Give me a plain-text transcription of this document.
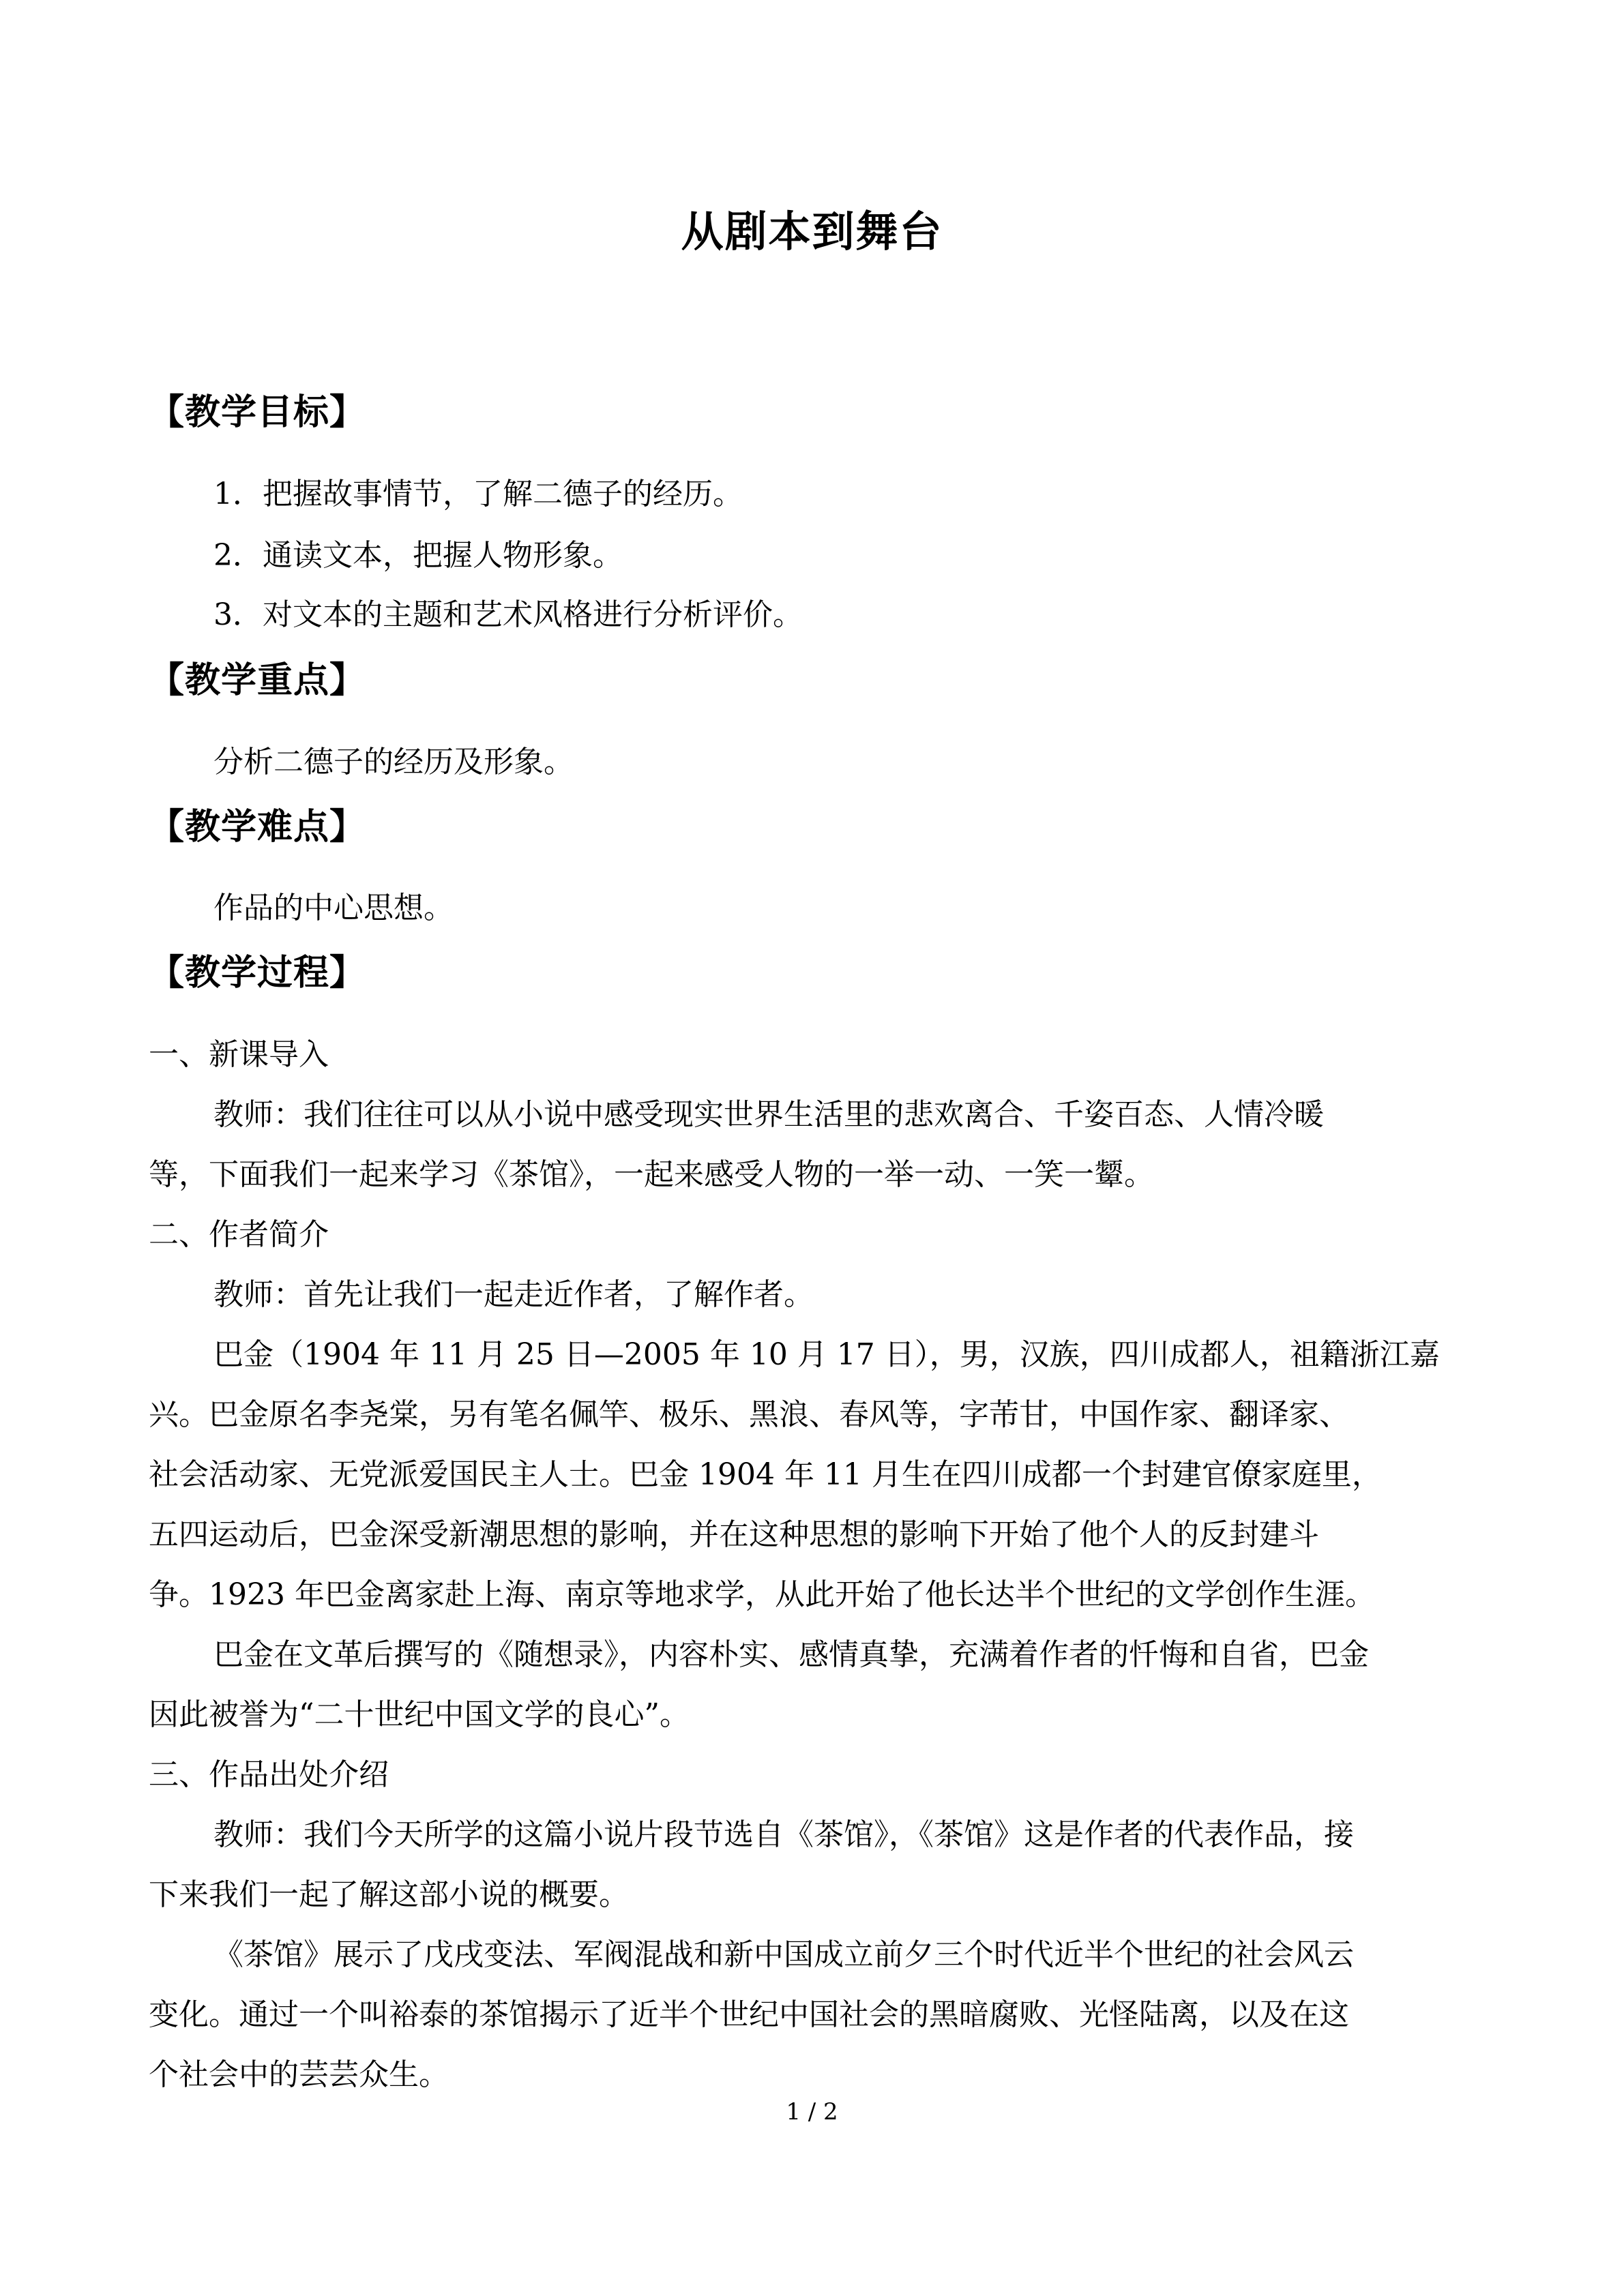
从剧本到舞台
【教学目标】
1．把握故事情节，了解二德子的经历。
2．通读文本，把握人物形象。
3．对文本的主题和艺术风格进行分析评价。
【教学重点】
分析二德子的经历及形象。
【教学难点】
作品的中心思想。
【教学过程】
一、新课导入
教师：我们往往可以从小说中感受现实世界生活里的悲欢离合、千姿百态、人情冷暖
等，下面我们一起来学习《茶馆》，一起来感受人物的一举一动、一笑一颦。
二、作者简介
教师：首先让我们一起走近作者，了解作者。
巴金（1904 年 11 月 25 日—2005 年 10 月 17 日），男，汉族，四川成都人，祖籍浙江嘉
兴。巴金原名李尧棠，另有笔名佩竿、极乐、黑浪、春风等，字芾甘，中国作家、翻译家、
社会活动家、无党派爱国民主人士。巴金 1904 年 11 月生在四川成都一个封建官僚家庭里，
五四运动后，巴金深受新潮思想的影响，并在这种思想的影响下开始了他个人的反封建斗
争。1923 年巴金离家赴上海、南京等地求学，从此开始了他长达半个世纪的文学创作生涯。
巴金在文革后撰写的《随想录》，内容朴实、感情真挚，充满着作者的忏悔和自省，巴金
因此被誉为“二十世纪中国文学的良心”。
三、作品出处介绍
教师：我们今天所学的这篇小说片段节选自《茶馆》，《茶馆》这是作者的代表作品，接
下来我们一起了解这部小说的概要。
《茶馆》展示了戊戌变法、军阀混战和新中国成立前夕三个时代近半个世纪的社会风云
变化。通过一个叫裕泰的茶馆揭示了近半个世纪中国社会的黑暗腐败、光怪陆离，以及在这
个社会中的芸芸众生。
1 / 2
